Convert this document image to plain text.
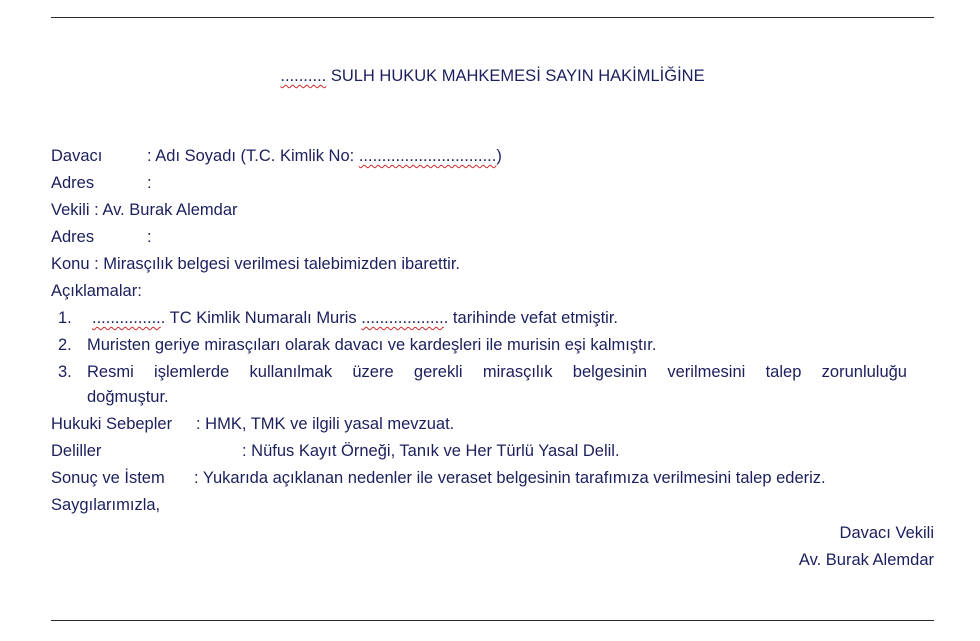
.......... SULH HUKUK MAHKEMESİ SAYIN HAKİMLİĞİNE
Davacı	: Adı Soyadı (T.C. Kimlik No: ..............................)
Adres	:
Vekili : Av. Burak Alemdar
Adres	:
Konu : Mirasçılık belgesi verilmesi talebimizden ibarettir.
Açıklamalar:
1. ................ TC Kimlik Numaralı Muris ................... tarihinde vefat etmiştir.
2. Muristen geriye mirasçıları olarak davacı ve kardeşleri ile murisin eşi kalmıştır.
3. Resmi işlemlerde kullanılmak üzere gerekli mirasçılık belgesinin verilmesini talep zorunluluğu
doğmuştur.
Hukuki Sebepler : HMK, TMK ve ilgili yasal mevzuat.
Deliller	: Nüfus Kayıt Örneği, Tanık ve Her Türlü Yasal Delil.
Sonuç ve İstem : Yukarıda açıklanan nedenler ile veraset belgesinin tarafımıza verilmesini talep ederiz.
Saygılarımızla,
Davacı Vekili
Av. Burak Alemdar
